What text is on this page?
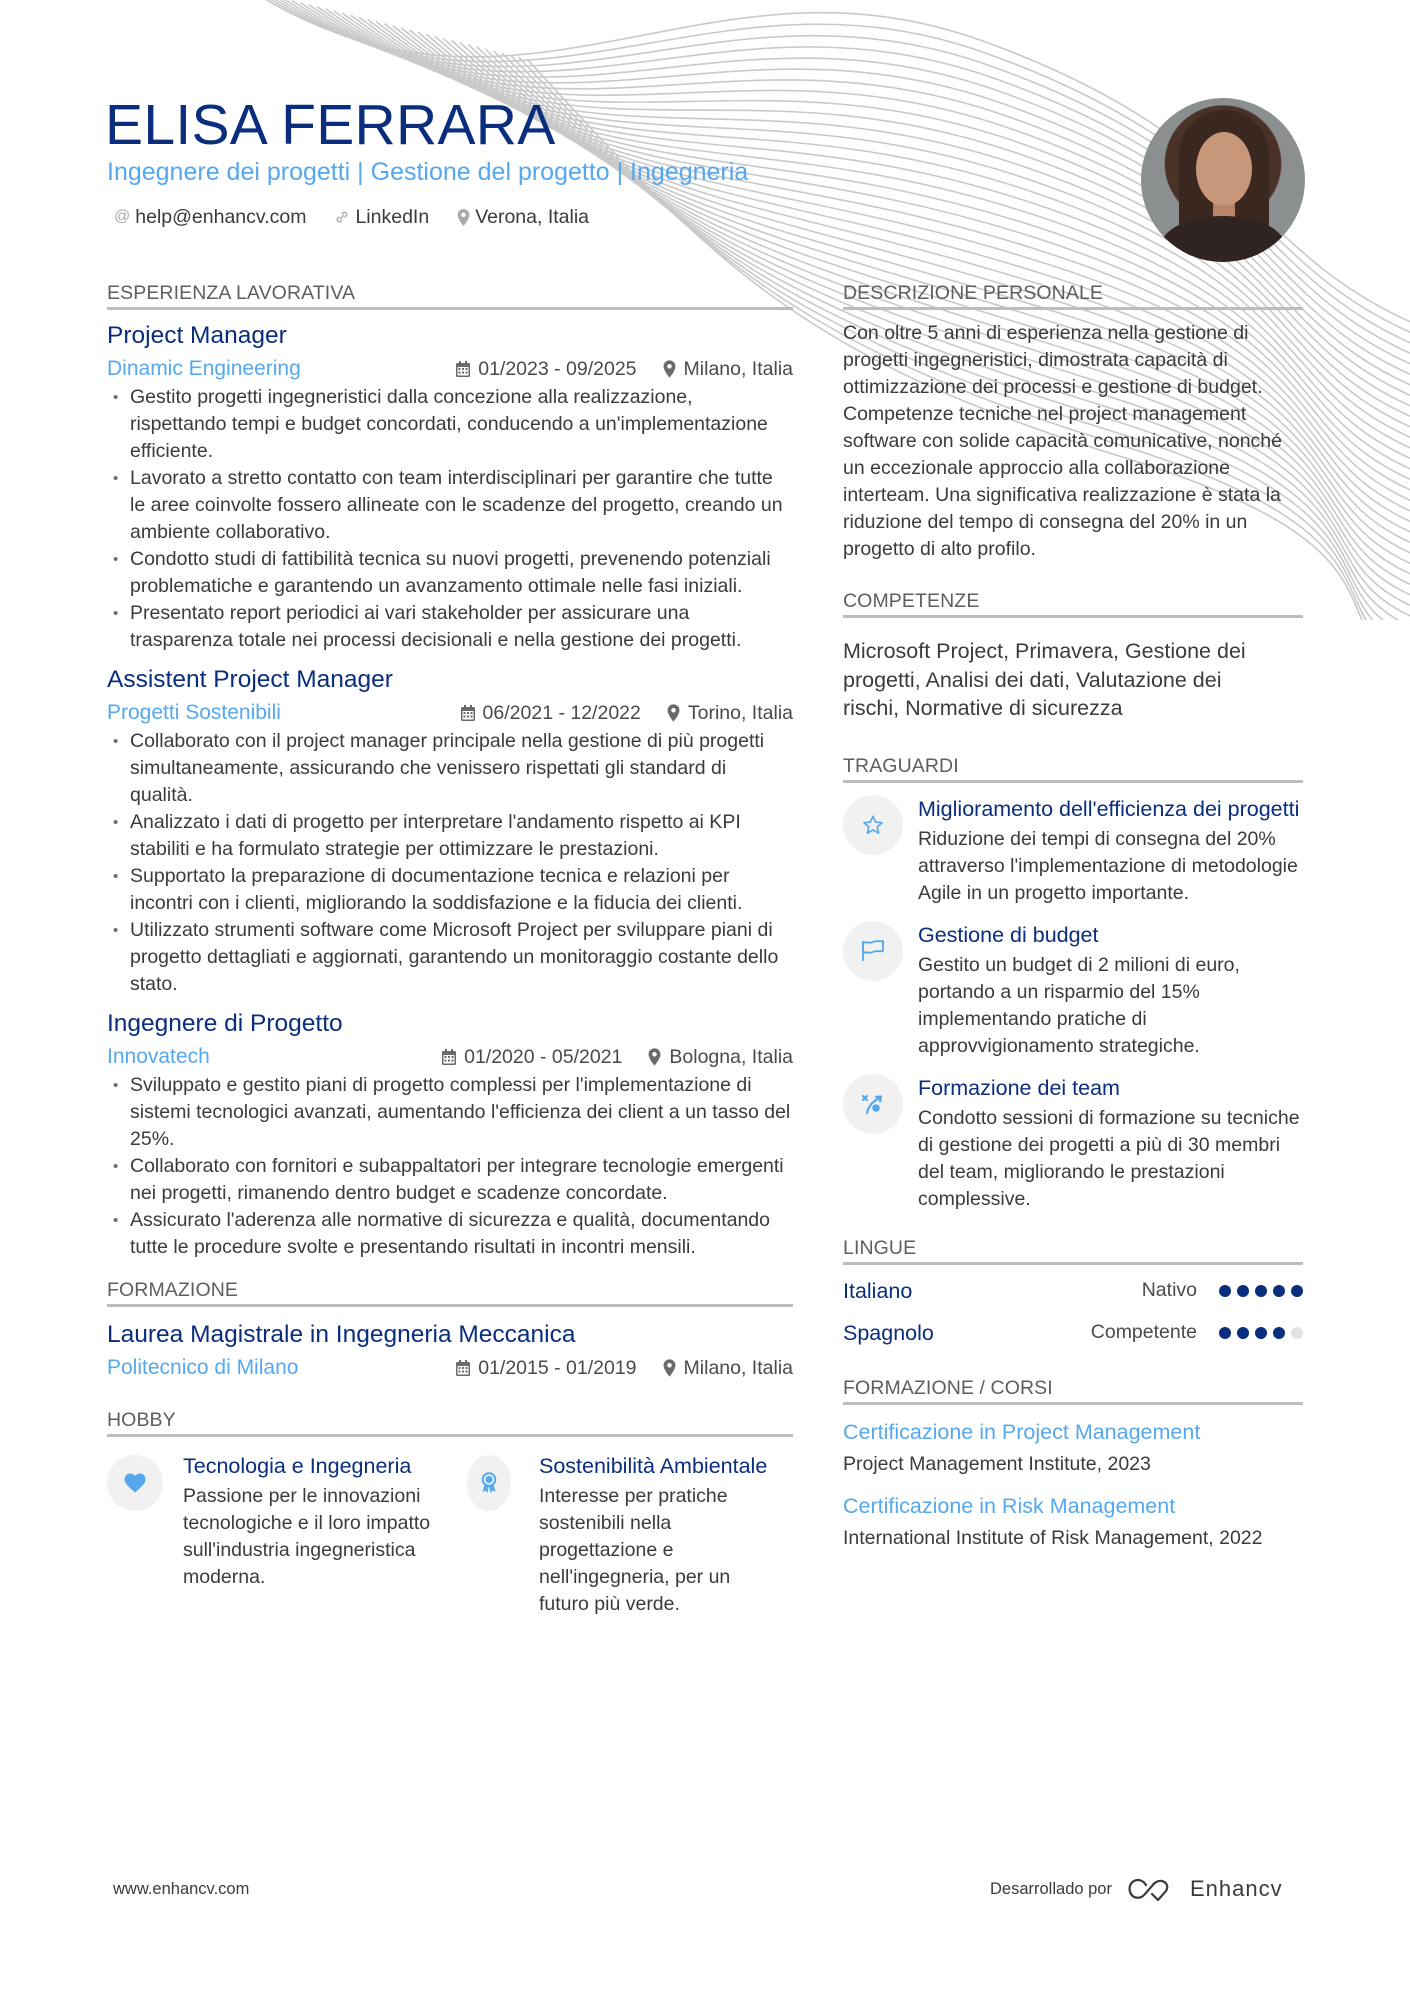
ELISA FERRARA
Ingegnere dei progetti | Gestione del progetto | Ingegneria
@ help@enhancv.com	LinkedIn Verona, Italia
ESPERIENZA LAVORATIVA
Project Manager
Dinamic Engineering	01/2023 - 09/2025 Milano, Italia
• Gestito progetti ingegneristici dalla concezione alla realizzazione, rispettando tempi e budget concordati, conducendo a un'implementazione efficiente.
• Lavorato a stretto contatto con team interdisciplinari per garantire che tutte le aree coinvolte fossero allineate con le scadenze del progetto, creando un ambiente collaborativo.
• Condotto studi di fattibilità tecnica su nuovi progetti, prevenendo potenziali problematiche e garantendo un avanzamento ottimale nelle fasi iniziali.
• Presentato report periodici ai vari stakeholder per assicurare una trasparenza totale nei processi decisionali e nella gestione dei progetti.
Assistent Project Manager
Progetti Sostenibili	06/2021 - 12/2022 Torino, Italia
• Collaborato con il project manager principale nella gestione di più progetti simultaneamente, assicurando che venissero rispettati gli standard di qualità.
• Analizzato i dati di progetto per interpretare l'andamento rispetto ai KPI stabiliti e ha formulato strategie per ottimizzare le prestazioni.
• Supportato la preparazione di documentazione tecnica e relazioni per incontri con i clienti, migliorando la soddisfazione e la fiducia dei clienti.
• Utilizzato strumenti software come Microsoft Project per sviluppare piani di progetto dettagliati e aggiornati, garantendo un monitoraggio costante dello stato.
Ingegnere di Progetto
Innovatech	01/2020 - 05/2021 Bologna, Italia
• Sviluppato e gestito piani di progetto complessi per l'implementazione di sistemi tecnologici avanzati, aumentando l'efficienza dei client a un tasso del 25%.
• Collaborato con fornitori e subappaltatori per integrare tecnologie emergenti nei progetti, rimanendo dentro budget e scadenze concordate.
• Assicurato l'aderenza alle normative di sicurezza e qualità, documentando tutte le procedure svolte e presentando risultati in incontri mensili.
FORMAZIONE
Laurea Magistrale in Ingegneria Meccanica
Politecnico di Milano	01/2015 - 01/2019 Milano, Italia
HOBBY
Tecnologia e Ingegneria
Passione per le innovazioni tecnologiche e il loro impatto sull'industria ingegneristica moderna.
Sostenibilità Ambientale
Interesse per pratiche sostenibili nella progettazione e nell'ingegneria, per un futuro più verde.
DESCRIZIONE PERSONALE
Con oltre 5 anni di esperienza nella gestione di progetti ingegneristici, dimostrata capacità di ottimizzazione dei processi e gestione di budget. Competenze tecniche nel project management software con solide capacità comunicative, nonché un eccezionale approccio alla collaborazione interteam. Una significativa realizzazione è stata la riduzione del tempo di consegna del 20% in un progetto di alto profilo.
COMPETENZE
Microsoft Project, Primavera, Gestione dei progetti, Analisi dei dati, Valutazione dei rischi, Normative di sicurezza
TRAGUARDI
Miglioramento dell'efficienza dei progetti
Riduzione dei tempi di consegna del 20% attraverso l'implementazione di metodologie Agile in un progetto importante.
Gestione di budget
Gestito un budget di 2 milioni di euro, portando a un risparmio del 15% implementando pratiche di approvvigionamento strategiche.
Formazione dei team
Condotto sessioni di formazione su tecniche di gestione dei progetti a più di 30 membri del team, migliorando le prestazioni complessive.
LINGUE
Italiano	Nativo
Spagnolo	Competente
FORMAZIONE / CORSI
Certificazione in Project Management
Project Management Institute, 2023
Certificazione in Risk Management
International Institute of Risk Management, 2022
www.enhancv.com	Desarrollado por	Enhancv
